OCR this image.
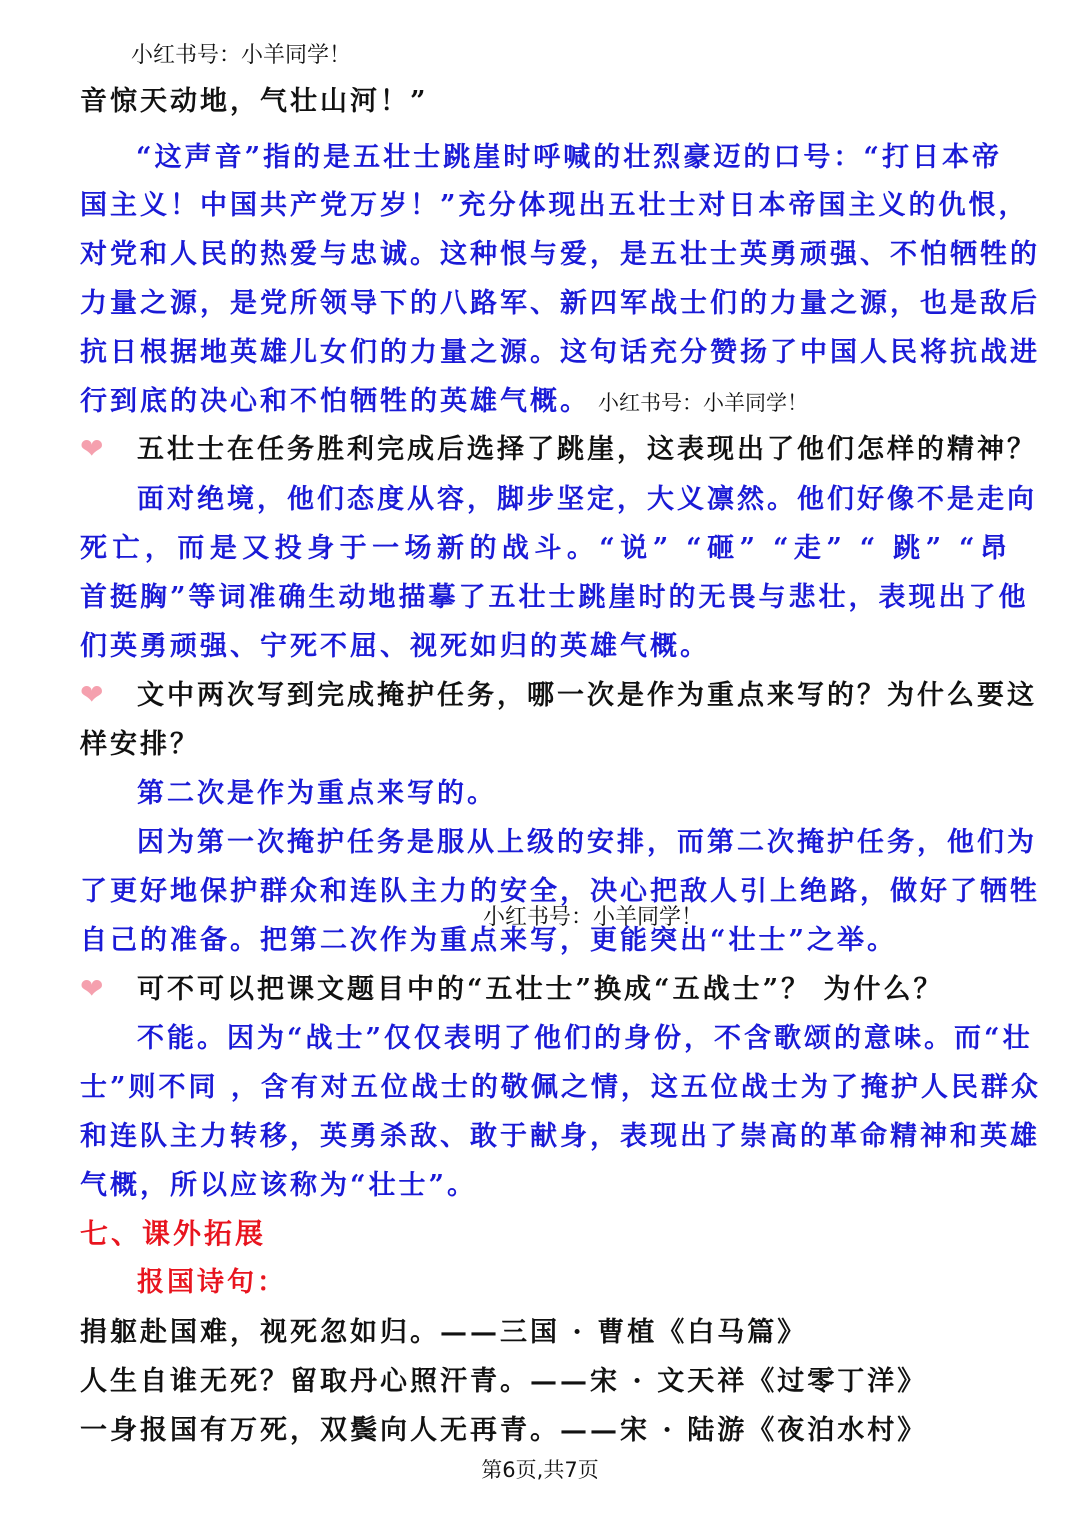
小红书号：小羊同学！
音惊天动地，气壮山河！”
“这声音”指的是五壮士跳崖时呼喊的壮烈豪迈的口号：“打日本帝
国主义！中国共产党万岁！”充分体现出五壮士对日本帝国主义的仇恨，
对党和人民的热爱与忠诚。这种恨与爱，是五壮士英勇顽强、不怕牺牲的
力量之源，是党所领导下的八路军、新四军战士们的力量之源，也是敌后
抗日根据地英雄儿女们的力量之源。这句话充分赞扬了中国人民将抗战进
行到底的决心和不怕牺牲的英雄气概。 小红书号：小羊同学！
❤ 五壮士在任务胜利完成后选择了跳崖，这表现出了他们怎样的精神？
面对绝境，他们态度从容，脚步坚定，大义凛然。他们好像不是走向
死亡，而是又投身于一场新的战斗。“说” “砸” “走” “ 跳” “昂
首挺胸”等词准确生动地描摹了五壮士跳崖时的无畏与悲壮，表现出了他
们英勇顽强、宁死不屈、视死如归的英雄气概。
❤ 文中两次写到完成掩护任务，哪一次是作为重点来写的？为什么要这
样安排？
第二次是作为重点来写的。
因为第一次掩护任务是服从上级的安排，而第二次掩护任务，他们为
了更好地保护群众和连队主力的安全，决心把敌人引上绝路，做好了牺牲
小红书号：小羊同学！
自己的准备。把第二次作为重点来写，更能突出“壮士”之举。
❤ 可不可以把课文题目中的“五壮士”换成“五战士”？ 为什么？
不能。因为“战士”仅仅表明了他们的身份，不含歌颂的意味。而“壮
士”则不同 ，含有对五位战士的敬佩之情，这五位战士为了掩护人民群众
和连队主力转移，英勇杀敌、敢于献身，表现出了崇高的革命精神和英雄
气概，所以应该称为“壮士”。
七、课外拓展
报国诗句：
捐躯赴国难，视死忽如归。——三国 · 曹植《白马篇》
人生自谁无死？留取丹心照汗青。——宋 · 文天祥《过零丁洋》
一身报国有万死，双鬓向人无再青。——宋 · 陆游《夜泊水村》
第6页,共7页
